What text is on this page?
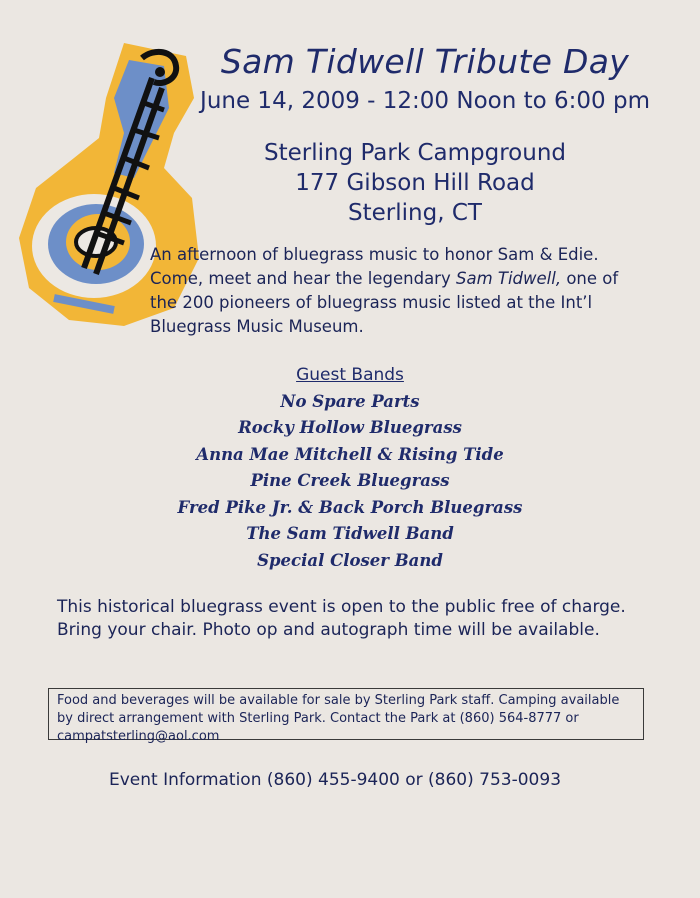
Sam Tidwell Tribute Day
June 14, 2009 - 12:00 Noon to 6:00 pm
Sterling Park Campground
177 Gibson Hill Road
Sterling, CT
An afternoon of bluegrass music to honor Sam & Edie. Come, meet and hear the legendary Sam Tidwell, one of the 200 pioneers of bluegrass music listed at the Int’l Bluegrass Music Museum.
Guest Bands
No Spare Parts
Rocky Hollow Bluegrass
Anna Mae Mitchell & Rising Tide
Pine Creek Bluegrass
Fred Pike Jr. & Back Porch Bluegrass
The Sam Tidwell Band
Special Closer Band
This historical bluegrass event is open to the public free of charge. Bring your chair. Photo op and autograph time will be available.
Food and beverages will be available for sale by Sterling Park staff. Camping available by direct arrangement with Sterling Park. Contact the Park at (860) 564-8777 or campatsterling@aol.com
Event Information (860) 455-9400 or (860) 753-0093
